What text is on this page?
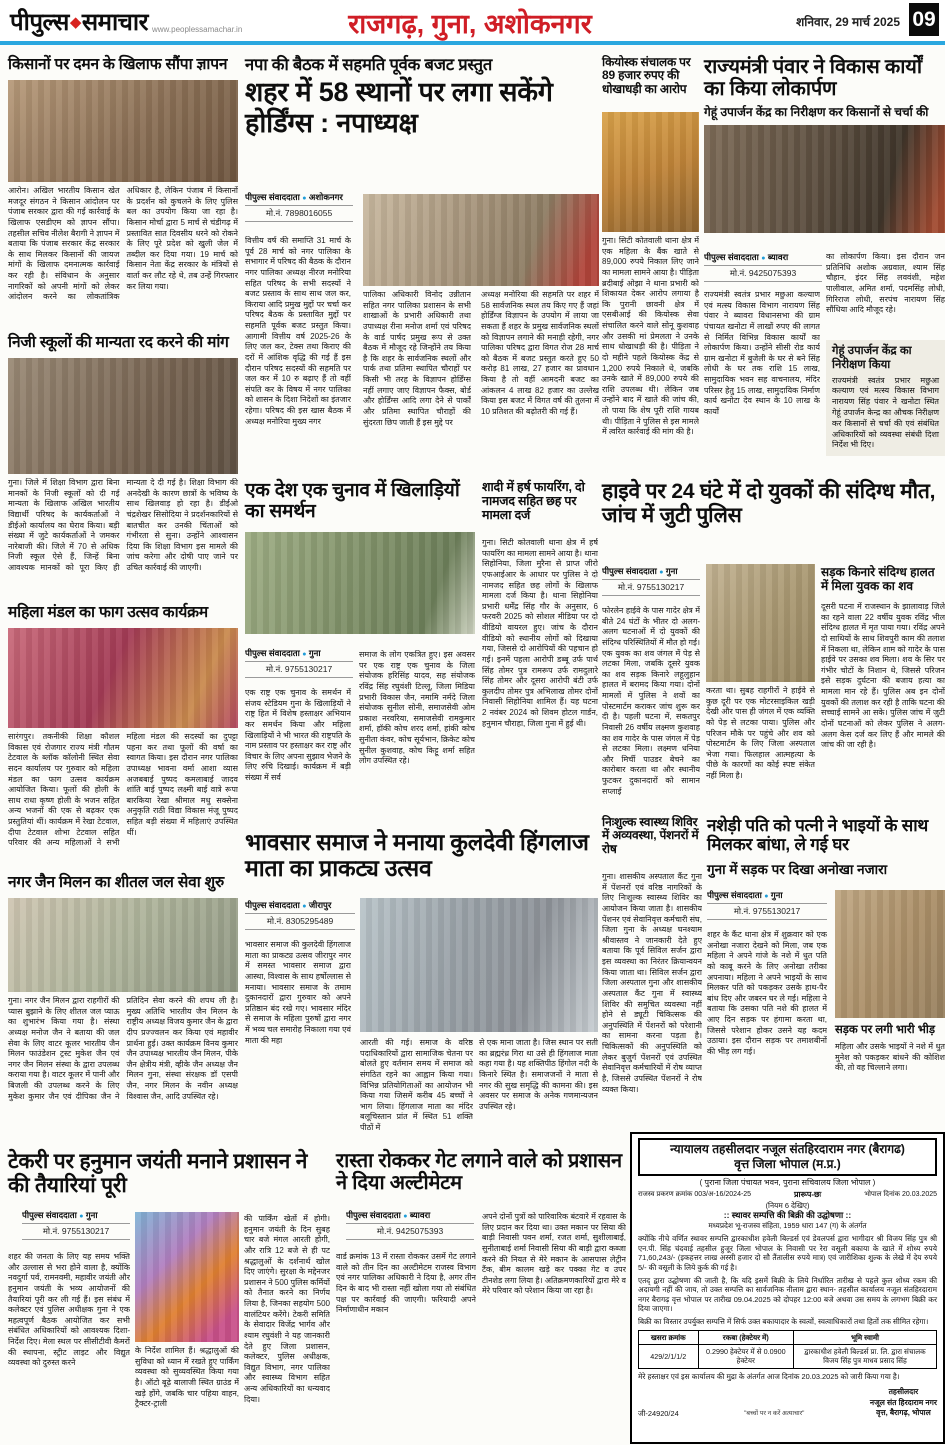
पीपुल्स◆समाचार www.peoplessamachar.in	राजगढ़, गुना, अशोकनगर	शनिवार, 29 मार्च 2025 09
किसानों पर दमन के खिलाफ सौंपा ज्ञापन
आरोन। अखिल भारतीय किसान खेत मजदूर संगठन ने किसान आंदोलन पर पंजाब सरकार द्वारा की गई कार्रवाई के खिलाफ एसडीएम को ज्ञापन सौंपा। तहसील सचिव नीलेश बैरागी ने ज्ञापन में बताया कि पंजाब सरकार केंद्र सरकार के साथ मिलकर किसानों की जायज मांगों के खिलाफ दमनात्मक कार्रवाई कर रही है। संविधान के अनुसार नागरिकों को अपनी मांगों को लेकर आंदोलन करने का लोकतांत्रिक अधिकार है, लेकिन पंजाब में किसानों के प्रदर्शन को कुचलने के लिए पुलिस बल का उपयोग किया जा रहा है। किसान मोर्चा द्वारा 5 मार्च से चंडीगढ़ में प्रस्तावित सात दिवसीय धरने को रोकने के लिए पूरे प्रदेश को खुली जेल में तब्दील कर दिया गया। 19 मार्च को किसान नेता केंद्र सरकार के मंत्रियों से वार्ता कर लौट रहे थे, तब उन्हें गिरफ्तार कर लिया गया।
निजी स्कूलों की मान्यता रद करने की मांग
गुना। जिले में शिक्षा विभाग द्वारा बिना मानकों के निजी स्कूलों को दी गई मान्यता के खिलाफ अखिल भारतीय विद्यार्थी परिषद के कार्यकर्ताओं ने डीईओ कार्यालय का घेराव किया। बड़ी संख्या में जुटे कार्यकर्ताओं ने जमकर नारेबाजी की। जिले में 70 से अधिक निजी स्कूल ऐसे हैं, जिन्हें बिना आवश्यक मानकों को पूरा किए ही मान्यता दे दी गई है। शिक्षा विभाग की अनदेखी के कारण छात्रों के भविष्य के साथ खिलवाड़ हो रहा है। डीईओ चंद्रशेखर सिसोदिया ने प्रदर्शनकारियों से बातचीत कर उनकी चिंताओं को गंभीरता से सुना। उन्होंने आश्वासन दिया कि शिक्षा विभाग इस मामले की जांच करेगा और दोषी पाए जाने पर उचित कार्रवाई की जाएगी।
महिला मंडल का फाग उत्सव कार्यक्रम
सारंगपुर। तकनीकी शिक्षा कौशल विकास एवं रोजगार राज्य मंत्री गौतम टेटवाल के ब्लॉक कॉलोनी स्थित सेवा सदन कार्यालय पर गुरुवार को महिला मंडल का फाग उत्सव कार्यक्रम आयोजित किया। फूलों की होली के साथ राधा कृष्ण होली के भजन सहित अन्य भजनों की एक से बढ़कर एक प्रस्तुतियां थीं। कार्यक्रम में रेखा टेटवाल, दीपा टेटवाल शोभा टेटवाल सहित परिवार की अन्य महिलाओं ने सभी महिला मंडल की सदस्यों का दुपट्टा पहना कर तथा फूलों की वर्षा का स्वागत किया। इस दौरान नगर पालिका उपाध्यक्ष भावना वर्मा आशा व्यास अजबबाई पुष्पद कमलाबाई जादव शांति बाई पुष्पद लक्ष्मी बाई वात्रे रूपा बारकिया रेखा श्रीमाल मधु सक्सेना अनुकृति राठी विद्या विकास मंजू पुष्पद सहित बड़ी संख्या में महिलाएं उपस्थित थीं।
नगर जैन मिलन का शीतल जल सेवा शुरु
गुना। नगर जैन मिलन द्वारा राहगीरों की प्यास बुझाने के लिए शीतल जल प्याऊ का शुभारंभ किया गया है। संस्था अध्यक्ष मनोज जैन ने बताया की जल सेवा के लिए वाटर कूलर भारतीय जैन मिलन फाउंडेशन ट्रस्ट मुकेश जैन एवं नगर जैन मिलन संस्था के द्वारा उपलब्ध कराया गया है। वाटर कूलर में पानी और बिजली की उपलब्ध करने के लिए मुकेश कुमार जैन एवं दीपिका जैन ने प्रतिदिन सेवा करने की शपथ ली है। मुख्य अतिथि भारतीय जैन मिलन के राष्ट्रीय अध्यक्ष विजय कुमार जैन के द्वारा दीप प्रज्ज्वलन कर किया एवं महावीर प्रार्थना हुई। उक्त कार्यक्रम विनय कुमार जैन उपाध्यक्ष भारतीय जैन मिलन, पीके जैन क्षेत्रीय मंत्री, व्हीके जैन अध्यक्ष जैन मिलन गुना, संस्था संरक्षक डॉ एसपी जैन, नगर मिलन के नवीन अध्यक्ष विश्वास जैन, आदि उपस्थित रहे।
नपा की बैठक में सहमति पूर्वक बजट प्रस्तुत
शहर में 58 स्थानों पर लगा सकेंगे होर्डिंग्स : नपाध्यक्ष
पीपुल्स संवाददाता ● अशोकनगर
मो.नं. 7898016055
वित्तीय वर्ष की समाप्ति 31 मार्च के पूर्व 28 मार्च को नगर पालिका के सभागार में परिषद की बैठक के दौरान नगर पालिका अध्यक्ष नीरज मनोरिया सहित परिषद के सभी सदस्यों ने बजट प्रस्ताव के साथ साथ जल कर, किराया आदि प्रमुख मुद्दों पर चर्चा कर परिषद बैठक के प्रस्तावित मुद्दों पर सहमति पूर्वक बजट प्रस्तुत किया। आगामी वित्तीय वर्ष 2025-26 के लिए जल कर, टेक्स तथा किराए की दरों में आंशिक वृद्धि की गई हैं इस दौरान परिषद सदस्यों की सहमति पर जल कर में 10 रु बढ़ाए हैं तो वहीं संपति कर के विषय में नगर पालिका को शासन के दिशा निदेशों का इंतजार रहेगा। परिषद की इस खास बैठक में अध्यक्ष मनोरिया मुख्य नगर
पालिका अधिकारी विनोद उन्नीतान सहित नगर पालिका प्रशासन के सभी शाखाओं के प्रभारी अधिकारी तथा उपाध्यक्ष रीना मनोज शर्मा एवं परिषद के वार्ड पार्षद प्रमुख रूप से उक्त बैठक में मौजूद रहे जिन्होंने तय किया है कि शहर के सार्वजनिक स्थलों और पार्क तथा प्रतिमा स्थापित चौराहों पर किसी भी तरह के विज्ञापन होर्डिंग्स नहीं लगाए जाए विज्ञापन फैक्स, बोर्ड और होर्डिंग्स आदि लगा देने से पार्कों और प्रतिमा स्थापित चौराहों की सुंदरता छिप जाती हैं इस मुद्दे पर
अध्यक्ष मनोरिया की सहमति पर शहर में 58 सार्वजनिक स्थल तय किए गए हैं जहां होर्डिंग्ज विज्ञापन के उपयोग में लाया जा सकता हैं शहर के प्रमुख सार्वजनिक स्थलों को विज्ञापन लगाने की मनाही रहेगी, नगर पालिका परिषद द्वारा विगत रोज 28 मार्च को बैठक में बजट प्रस्तुत करते हुए 50 करोड़ 81 लाख, 27 हजार का प्रावधान किया है तो वहीं आमदनी बजट का आंकलन 4 लाख 82 हजार का उल्लेख किया इस बजट में विगत वर्ष की तुलना में 10 प्रतिशत की बढ़ोतरी की गई हैं।
कियोस्क संचालक पर 89 हजार रुपए की धोखाधड़ी का आरोप
गुना। सिटी कोतवाली थाना क्षेत्र में एक महिला के बैंक खाते से 89,000 रुपये निकाल लिए जाने का मामला सामने आया है। पीड़िता ब्रदीबाई ओझा ने थाना प्रभारी को शिकायत देकर आरोप लगाया है कि पुरानी छावनी क्षेत्र में एसबीआई की कियोस्क सेवा संचालित करने वाले सोनू कुशवाह और उसकी मां प्रेमलता ने उनके साथ धोखाधड़ी की है। पीड़िता ने दो महीने पहले कियोस्क केंद्र से 1,200 रुपये निकाले थे, जबकि उनके खाते में 89,000 रुपये की राशि उपलब्ध थी। लेकिन जब उन्होंने बाद में खाते की जांच की, तो पाया कि शेष पूरी राशि गायब थी। पीड़िता ने पुलिस से इस मामले में त्वरित कार्रवाई की मांग की है।
राज्यमंत्री पंवार ने विकास कार्यों का किया लोकार्पण
गेहूं उपार्जन केंद्र का निरीक्षण कर किसानों से चर्चा की
पीपुल्स संवाददाता ● ब्यावरा
मो.नं. 9425075393
राज्यमंत्री स्वतंत्र प्रभार मछुआ कल्याण एवं मत्स्य विकास विभाग नारायण सिंह पंवार ने ब्यावरा विधानसभा की ग्राम पंचायत खनोटा में लाखों रुपए की लागत से निर्मित विभिन्न विकास कार्यों का लोकार्पण किया। उन्होंने सीसी रोड कार्य ग्राम खनोटा में बुजेली के घर से बने सिंह लोधी के घर तक राशि 15 लाख, सामुदायिक भवन सह वाचनालय, मंदिर परिसर हेतु 15 लाख, सामुदायिक निर्माण कार्य खनोटा देव स्थान के 10 लाख के कार्यों
का लोकार्पण किया। इस दौरान जन प्रतिनिधि अशोक अग्रवाल, श्याम सिंह चौहान, इंदर सिंह लववंशी, महेश पालीवाल, अमित शर्मा, पदमसिंह लोधी, गिरिराज लोधी, सरपंच नारायण सिंह सौंधिया आदि मौजूद रहे।
गेहूं उपार्जन केंद्र का निरीक्षण किया
राज्यमंत्री स्वतंत्र प्रभार मछुआ कल्याण एवं मत्स्य विकास विभाग नारायण सिंह पंवार ने खनोटा स्थित गेहूं उपार्जन केन्द्र का औचक निरीक्षण कर किसानों से चर्चा की एवं संबंधित अधिकारियों को व्यवस्था संबंधी दिशा निर्देश भी दिए।
एक देश एक चुनाव में खिलाड़ियों का समर्थन
पीपुल्स संवाददाता ● गुना
मो.नं. 9755130217
एक राष्ट्र एक चुनाव के समर्थन में संजय स्टेडियम गुना के खिलाड़ियों ने राष्ट्र हित में विशेष हस्ताक्षर अभियान कर समर्थन किया और महिला खिलाड़ियों ने भी भारत की राष्ट्रपति के नाम प्रस्ताव पर हस्ताक्षर कर राष्ट्र और विचार के लिए अपना सुझाव भेजने के लिए रुचि दिखाई। कार्यक्रम में बड़ी संख्या में सर्व
समाज के लोग एकत्रित हुए। इस अवसर पर एक राष्ट्र एक चुनाव के जिला संयोजक हरिसिंह यादव, सह संयोजक रविंद्र सिंह रघुवंशी टिल्लू, जिला मिडिया प्रभारी विकास जैन, नमामि नर्मदे जिला संयोजक सुनील सोनी, समाजसेवी ओम प्रकाश नरवरिया, समाजसेवी रामकुमार शर्मा, हॉकी कोच शरद शर्मा, हांकी कोच सुनीता कंवर, कोच सूर्यभान, क्रिकेट कोच सुनील कुशवाह, कोच किट्टू शर्मा सहित लोग उपस्थित रहे।
शादी में हर्ष फायरिंग, दो नामजद सहित छह पर मामला दर्ज
गुना। सिटी कोतवाली थाना क्षेत्र में हर्ष फायरिंग का मामला सामने आया है। थाना सिहोनिया, जिला मुरैना से प्राप्त जीरो एफआईआर के आधार पर पुलिस ने दो नामजद सहित छह लोगों के खिलाफ मामला दर्ज किया है। थाना सिहोनिया प्रभारी धर्मेंद्र सिंह गौर के अनुसार, 6 फरवरी 2025 को सोशल मीडिया पर दो वीडियो वायरल हुए। जांच के दौरान वीडियो को स्थानीय लोगों को दिखाया गया, जिससे दो आरोपियों की पहचान हो गई। इनमें पहला आरोपी डब्बू उर्फ पार्थ सिंह तोमर पुत्र रामरूप उर्फ रामदुलारे सिंह तोमर और दूसरा आरोपी बंटी उर्फ कुलदीप तोमर पुत्र अभिलाख तोमर दोनों निवासी सिहोनिया शामिल हैं। यह घटना 2 नवंबर 2024 को शिवम होटल गार्डन, हनुमान चौराहा, जिला गुना में हुई थी।
हाइवे पर 24 घंटे में दो युवकों की संदिग्ध मौत, जांच में जुटी पुलिस
पीपुल्स संवाददाता ● गुना
मो.नं. 9755130217
फोरलेन हाईवे के पास गादेर क्षेत्र में बीते 24 घंटों के भीतर दो अलग-अलग घटनाओं में दो युवकों की संदिग्ध परिस्थितियों में मौत हो गई। एक युवक का शव जंगल में पेड़ से लटका मिला, जबकि दूसरे युवक का शव सड़क किनारे लहूलुहान हालत में बरामद किया गया। दोनों मामलों में पुलिस ने शवों का पोस्टमार्टम कराकर जांच शुरू कर दी है। पहली घटना में, सकतपुर निवासी 26 वर्षीय लक्ष्मण कुशवाह का शव गादेर के पास जंगल में पेड़ से लटका मिला। लक्ष्मण धनिया और मिर्ची पाउडर बेचने का कारोबार करता था और स्थानीय फुटकर दुकानदारों को सामान सप्लाई
करता था। सुबह राहगीरों ने हाईवे से कुछ दूरी पर एक मोटरसाइकिल खड़ी देखी और पास ही जंगल में एक व्यक्ति को पेड़ से लटका पाया। पुलिस और परिजन मौके पर पहुंचे और शव को पोस्टमार्टम के लिए जिला अस्पताल भेजा गया। फिलहाल आत्महत्या के पीछे के कारणों का कोई स्पष्ट संकेत नहीं मिला है।
सड़क किनारे संदिग्ध हालत में मिला युवक का शव
दूसरी घटना में राजस्थान के झालावाड़ जिले का रहने वाला 22 वर्षीय युवक रविंद्र भील संदिग्ध हालत में मृत पाया गया। रविंद्र अपने दो साथियों के साथ शिवपुरी काम की तलाश में निकला था, लेकिन शाम को गादेर के पास हाईवे पर उसका शव मिला। शव के सिर पर गंभीर चोटों के निशान थे, जिससे परिजन इसे सड़क दुर्घटना की बजाय हत्या का मामला मान रहे हैं। पुलिस अब इन दोनों युवकों की तलाश कर रही है ताकि घटना की सच्चाई सामने आ सके। पुलिस जांच में जुटी दोनों घटनाओं को लेकर पुलिस ने अलग-अलग केस दर्ज कर लिए हैं और मामले की जांच की जा रही है।
भावसार समाज ने मनाया कुलदेवी हिंगलाज माता का प्राकट्य उत्सव
पीपुल्स संवाददाता ● जीरापुर
मो.नं. 8305295489
भावसार समाज की कुलदेवी हिंगलाज माता का प्राकट्य उत्सव जीरापुर नगर में समस्त भावसार समाज द्वारा आस्था, विश्वास के साथ हर्षोल्लास से मनाया। भावसार समाज के तमाम दुकानदारों द्वारा गुरुवार को अपने प्रतिष्ठान बंद रखे गए। भावसार मंदिर से समाज के महिला पुरुषों द्वारा नगर में भव्य चल समारोह निकाला गया एवं माता की महा	आरती की गई। समाज के वरिष्ठ पदाधिकारियों द्वारा सामाजिक चेतना पर बोलते हुए वर्तमान समय में समाज को संगठित रहने का आह्वान किया गया। विभिन्न प्रतियोगिताओं का आयोजन भी किया गया जिसमें करीब 45 बच्चों ने भाग लिया। हिंगलाज माता का मंदिर बलूचिस्तान प्रांत में स्थित 51 शक्ति पीठों में
से एक माना जाता है। जिस स्थान पर सती का ब्रह्मरंध्र गिरा था उसे ही हिंगलाज माता कहा गया है। यह शक्तिपीठ हिंगोल नदी के किनारे स्थित है। समाजजनों ने माता से नगर की सुख समृद्धि की कामना की। इस अवसर पर समाज के अनेक गणमान्यजन उपस्थित रहे।
निःशुल्क स्वास्थ्य शिविर में अव्यवस्था, पेंशनरों में रोष
गुना। शासकीय अस्पताल कैंट गुना में पेंशनरों एवं वरिष्ठ नागरिकों के लिए निःशुल्क स्वास्थ्य शिविर का आयोजन किया जाता है। शासकीय पेंशनर एवं सेवानिवृत्त कर्मचारी संघ, जिला गुना के अध्यक्ष घनश्याम श्रीवास्तव ने जानकारी देते हुए बताया कि पूर्व सिविल सर्जन द्वारा इस व्यवस्था का निरंतर क्रियान्वयन किया जाता था। सिविल सर्जन द्वारा जिला अस्पताल गुना और शासकीय अस्पताल कैंट गुना में स्वास्थ्य शिविर की समुचित व्यवस्था नहीं होने से ड्यूटी चिकित्सक की अनुपस्थिति में पेंशनरों को परेशानी का सामना करना पड़ता है। चिकित्सकों की अनुपस्थिति को लेकर बुजुर्ग पेंशनरों एवं उपस्थित सेवानिवृत्त कर्मचारियों में रोष व्याप्त है, जिससे उपस्थित पेंशनरों ने रोष व्यक्त किया।
नशेड़ी पति को पत्नी ने भाइयों के साथ मिलकर बांधा, ले गई घर
गुना में सड़क पर दिखा अनोखा नजारा
पीपुल्स संवाददाता ● गुना
मो.नं. 9755130217
शहर के कैंट थाना क्षेत्र में शुक्रवार को एक अनोखा नजारा देखने को मिला, जब एक महिला ने अपने गांजे के नशे में धुत पति को काबू करने के लिए अनोखा तरीका अपनाया। महिला ने अपने भाइयों के साथ मिलकर पति को पकड़कर उसके हाथ-पैर बांध दिए और जबरन घर ले गई। महिला ने बताया कि उसका पति नशे की हालत में आए दिन सड़क पर हंगामा करता था, जिससे परेशान होकर उसने यह कदम उठाया। इस दौरान सड़क पर तमाशबीनों की भीड़ लग गई।
सड़क पर लगी भारी भीड़
महिला और उसके भाइयों ने नशे में धुत मुनेश को पकड़कर बांधने की कोशिश की, तो वह चिल्लाने लगा।
टेकरी पर हनुमान जयंती मनाने प्रशासन ने की तैयारियां पूरी
पीपुल्स संवाददाता ● गुना
मो.नं. 9755130217
शहर की जनता के लिए यह समय भक्ति और उल्लास से भरा होने वाला है, क्योंकि नवदुर्गा पर्व, रामनवमी, महावीर जयंती और हनुमान जयंती के भव्य आयोजनों की तैयारियां पूरी कर ली गई हैं। इस संबंध में कलेक्टर एवं पुलिस अधीक्षक गुना ने एक महत्वपूर्ण बैठक आयोजित कर सभी संबंधित अधिकारियों को आवश्यक दिशा-निर्देश दिए। मेला स्थल पर सीसीटीवी कैमरों की स्थापना, स्ट्रीट लाइट और विद्युत व्यवस्था को दुरुस्त करने
के निर्देश शामिल हैं। श्रद्धालुओं की सुविधा को ध्यान में रखते हुए पार्किंग व्यवस्था को सुव्यवस्थित किया गया है। ऑटो बूढ़े बालाजी स्थित ग्राउंड में खड़े होंगे, जबकि चार पहिया वाहन, ट्रैक्टर-ट्राली
की पार्किंग खेतों में होगी। हनुमान जयंती के दिन सुबह चार बजे मंगल आरती होगी, और रात्रि 12 बजे से ही पट श्रद्धालुओं के दर्शनार्थ खोल दिए जाएंगे। सुरक्षा के मद्देनजर प्रशासन ने 500 पुलिस कर्मियों को तैनात करने का निर्णय लिया है, जिनका सहयोग 500 वालंटियर करेंगे। टेकरी समिति के सेवादार विजेंद्र भार्गव और श्याम रघुवंशी ने यह जानकारी देते हुए जिला प्रशासन, कलेक्टर, पुलिस अधीक्षक, विद्युत विभाग, नगर पालिका और स्वास्थ्य विभाग सहित अन्य अधिकारियों का धन्यवाद दिया।
रास्ता रोककर गेट लगाने वाले को प्रशासन ने दिया अल्टीमेटम
पीपुल्स संवाददाता ● ब्यावरा
मो.नं. 9425075393
वार्ड क्रमांक 13 में रास्ता रोककर उसमें गेट लगाने वाले को तीन दिन का अल्टीमेटम राजस्व विभाग एवं नगर पालिका अधिकारी ने दिया है, अगर तीन दिन के बाद भी रास्ता नहीं खोला गया तो संबंधित पक्ष पर कार्रवाई की जाएगी। फरियादी अपने निर्माणाधीन मकान
अपने दोनों पुत्रों को पारिवारिक बंटवारे में रहवास के लिए प्रदान कर दिया था। उक्त मकान पर सिया की बाड़ी निवासी पवन शर्मा, रजत शर्मा, सुशीलाबाई, सुनीताबाई शर्मा निवासी सिया की बाड़ी द्वारा कब्जा करने की नियत से मेरे मकान के आसपास लेट्रीन टैंक, बीम कालम खड़े कर पक्का गेट व उपर टीनशेड लगा लिया है। अतिक्रमणकारियों द्वारा मेरे व मेरे परिवार को परेशान किया जा रहा है।
न्यायालय तहसीलदार नजूल संतहिरदाराम नगर (बैरागढ)
वृत्त जिला भोपाल (म.प्र.)
( पुराना जिला पंचायत भवन, पुराना सचिवालय जिला भोपाल )
राजस्व प्रकरण क्रमांक 003/अ-16/2024-25	प्रारूप-छः	भोपाल दिनांक 20.03.2025
(नियम 6 देखिए)
:: स्थावर सम्पत्ति की बिक्री की उद्घोषणा ::
मध्यप्रदेश भू-राजस्व संहिता, 1959 धारा 147 (ग) के अंतर्गत
क्योंकि नीचे वर्णित स्थावर सम्पत्ति द्वारकाधीश हवेली बिल्डर्स एवं डेवलपर्स द्वारा भागीदार श्री विजय सिंह पुत्र श्री एन.पी. सिंह चंदवाई तहसील हुजूर जिला भोपाल के निवासी पर रेरा वसूली बकाया के खाते में शोध्य रुपये 71,60,243/- (इकहत्तर लाख अस्सी हजार दो सौ तैंतालीस रुपये मात्र) एवं जारीशिका शुल्क के लेखे में देय रुपये 5/- की वसूली के लिये कुर्क की गई है।
एतद् द्वारा उद्घोषणा की जाती है, कि यदि इसमें बिक्री के लिये निर्धारित तारीख से पहले कुल शोध्य रकम की अदायगी नहीं की जाय, तो उक्त सम्पत्ति का सार्वजनिक नीलाम द्वारा स्थान- तहसील कार्यालय नजूल संतहिरदाराम नगर बैरागढ़ वृत्त भोपाल पर तारीख 09.04.2025 को दोपहर 12:00 बजे अथवा उस समय के लगभग बिक्री कर दिया जाएगा।
बिक्री का विस्तार उपर्युक्त सम्पत्ति में सिर्फ उक्त बकायादार के स्वत्वों, स्वत्वाधिकारों तथा हितों तक सीमित रहेगा।
खसरा क्रमांक	रकबा (हेक्टेयर में)	भूमि स्वामी
429/2/1/1/2	0.2990 हेक्टेयर में से 0.0900 हेक्टेयर	द्वारकाधीश हवेली बिल्डर्स प्रा. लि. द्वारा संचालक विजय सिंह पुत्र माधव प्रसाद सिंह
मेरे हस्ताक्षर एवं इस कार्यालय की मुद्रा के अंतर्गत आज दिनांक 20.03.2025 को जारी किया गया है।
जी-24920/24	"बच्चों पर न करें अत्याचार"
तहसीलदार
नजूल संत हिरदाराम नगर
वृत्त, बैरागढ़, भोपाल
